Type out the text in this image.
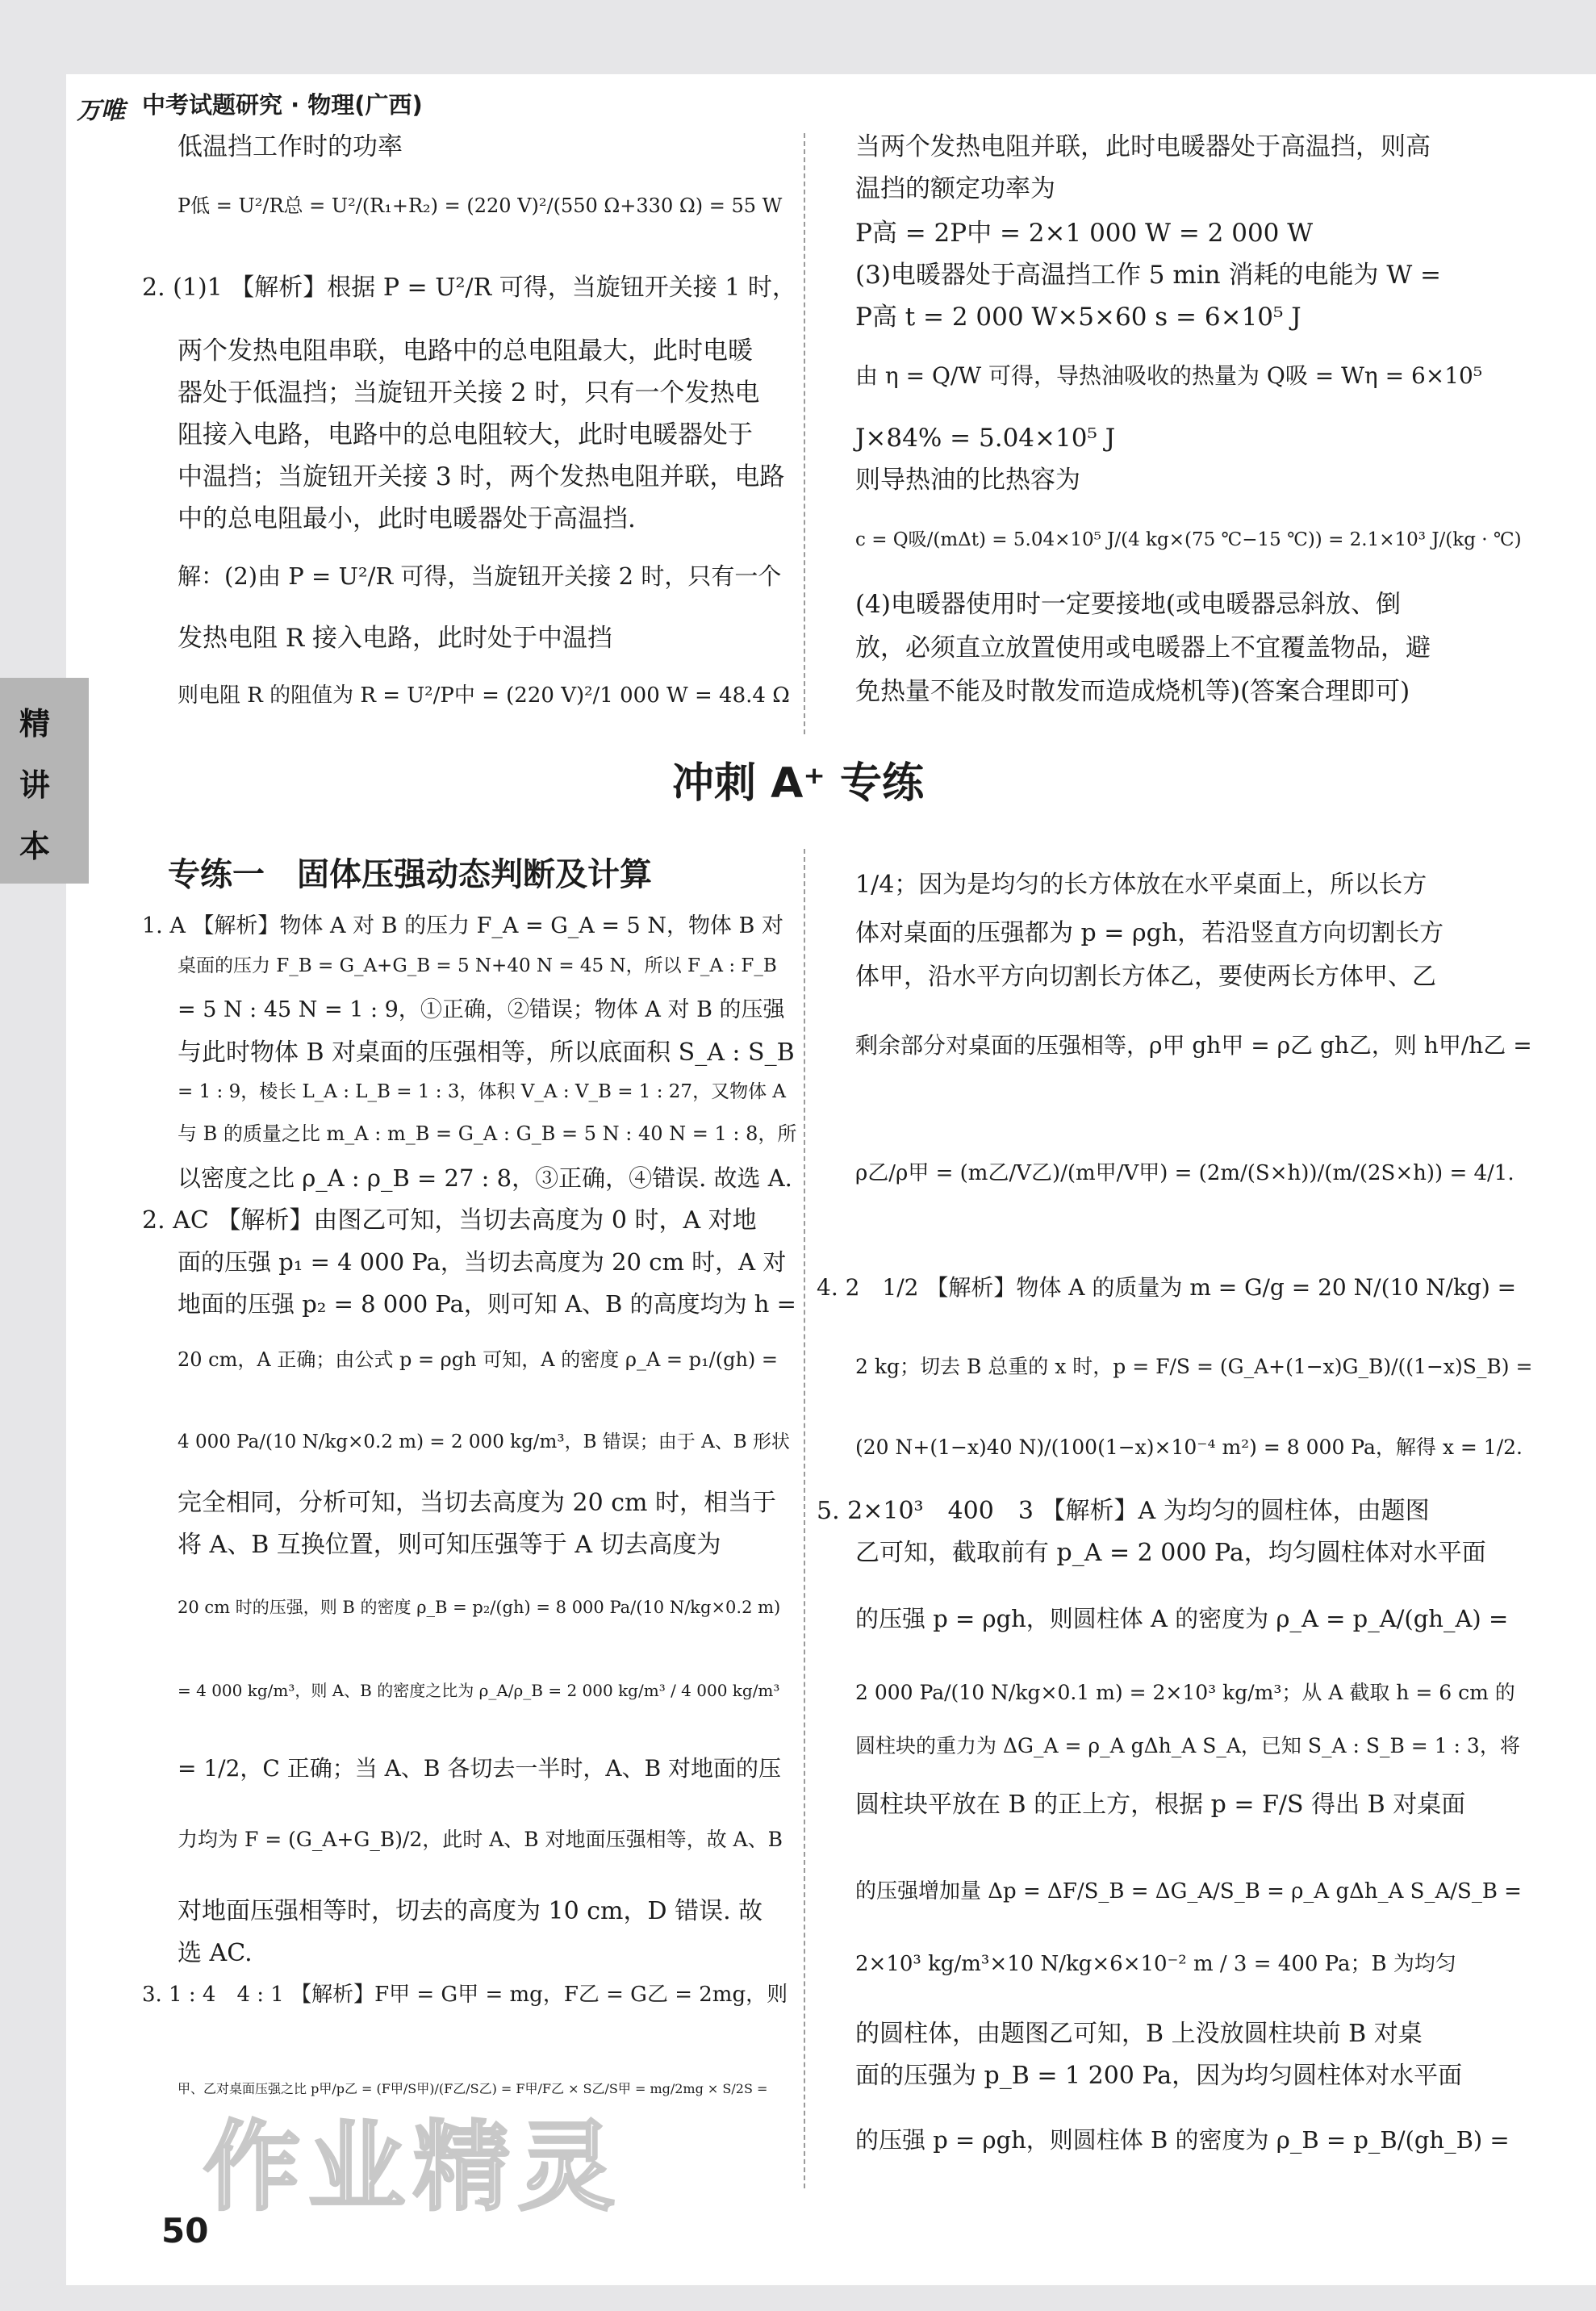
万唯 中考试题研究 · 物理(广西)
精
讲
本
低温挡工作时的功率
P低 = U²/R总 = U²/(R₁+R₂) = (220 V)²/(550 Ω+330 Ω) = 55 W
2. (1)1 【解析】根据 P = U²/R 可得，当旋钮开关接 1 时，
两个发热电阻串联，电路中的总电阻最大，此时电暖
器处于低温挡；当旋钮开关接 2 时，只有一个发热电
阻接入电路，电路中的总电阻较大，此时电暖器处于
中温挡；当旋钮开关接 3 时，两个发热电阻并联，电路
中的总电阻最小，此时电暖器处于高温挡.
解：(2)由 P = U²/R 可得，当旋钮开关接 2 时，只有一个
发热电阻 R 接入电路，此时处于中温挡
则电阻 R 的阻值为 R = U²/P中 = (220 V)²/1 000 W = 48.4 Ω
当两个发热电阻并联，此时电暖器处于高温挡，则高
温挡的额定功率为
P高 = 2P中 = 2×1 000 W = 2 000 W
(3)电暖器处于高温挡工作 5 min 消耗的电能为 W =
P高 t = 2 000 W×5×60 s = 6×10⁵ J
由 η = Q/W 可得，导热油吸收的热量为 Q吸 = Wη = 6×10⁵
J×84% = 5.04×10⁵ J
则导热油的比热容为
c = Q吸/(mΔt) = 5.04×10⁵ J/(4 kg×(75 ℃−15 ℃)) = 2.1×10³ J/(kg · ℃)
(4)电暖器使用时一定要接地(或电暖器忌斜放、倒
放，必须直立放置使用或电暖器上不宜覆盖物品，避
免热量不能及时散发而造成烧机等)(答案合理即可)
冲刺 A⁺ 专练
专练一　固体压强动态判断及计算
1. A 【解析】物体 A 对 B 的压力 F_A = G_A = 5 N，物体 B 对
桌面的压力 F_B = G_A+G_B = 5 N+40 N = 45 N，所以 F_A : F_B
= 5 N : 45 N = 1 : 9，①正确，②错误；物体 A 对 B 的压强
与此时物体 B 对桌面的压强相等，所以底面积 S_A : S_B
= 1 : 9，棱长 L_A : L_B = 1 : 3，体积 V_A : V_B = 1 : 27，又物体 A
与 B 的质量之比 m_A : m_B = G_A : G_B = 5 N : 40 N = 1 : 8，所
以密度之比 ρ_A : ρ_B = 27 : 8，③正确，④错误. 故选 A.
2. AC 【解析】由图乙可知，当切去高度为 0 时，A 对地
面的压强 p₁ = 4 000 Pa，当切去高度为 20 cm 时，A 对
地面的压强 p₂ = 8 000 Pa，则可知 A、B 的高度均为 h =
20 cm，A 正确；由公式 p = ρgh 可知，A 的密度 ρ_A = p₁/(gh) =
4 000 Pa/(10 N/kg×0.2 m) = 2 000 kg/m³，B 错误；由于 A、B 形状
完全相同，分析可知，当切去高度为 20 cm 时，相当于
将 A、B 互换位置，则可知压强等于 A 切去高度为
20 cm 时的压强，则 B 的密度 ρ_B = p₂/(gh) = 8 000 Pa/(10 N/kg×0.2 m)
= 4 000 kg/m³，则 A、B 的密度之比为 ρ_A/ρ_B = 2 000 kg/m³ / 4 000 kg/m³
= 1/2，C 正确；当 A、B 各切去一半时，A、B 对地面的压
力均为 F = (G_A+G_B)/2，此时 A、B 对地面压强相等，故 A、B
对地面压强相等时，切去的高度为 10 cm，D 错误. 故
选 AC.
3. 1 : 4　4 : 1 【解析】F甲 = G甲 = mg，F乙 = G乙 = 2mg，则
甲、乙对桌面压强之比 p甲/p乙 = (F甲/S甲)/(F乙/S乙) = F甲/F乙 × S乙/S甲 = mg/2mg × S/2S =
1/4；因为是均匀的长方体放在水平桌面上，所以长方
体对桌面的压强都为 p = ρgh，若沿竖直方向切割长方
体甲，沿水平方向切割长方体乙，要使两长方体甲、乙
剩余部分对桌面的压强相等，ρ甲 gh甲 = ρ乙 gh乙，则 h甲/h乙 =
ρ乙/ρ甲 = (m乙/V乙)/(m甲/V甲) = (2m/(S×h))/(m/(2S×h)) = 4/1.
4. 2　1/2 【解析】物体 A 的质量为 m = G/g = 20 N/(10 N/kg) =
2 kg；切去 B 总重的 x 时，p = F/S = (G_A+(1−x)G_B)/((1−x)S_B) =
(20 N+(1−x)40 N)/(100(1−x)×10⁻⁴ m²) = 8 000 Pa，解得 x = 1/2.
5. 2×10³　400　3 【解析】A 为均匀的圆柱体，由题图
乙可知，截取前有 p_A = 2 000 Pa，均匀圆柱体对水平面
的压强 p = ρgh，则圆柱体 A 的密度为 ρ_A = p_A/(gh_A) =
2 000 Pa/(10 N/kg×0.1 m) = 2×10³ kg/m³；从 A 截取 h = 6 cm 的
圆柱块的重力为 ΔG_A = ρ_A gΔh_A S_A，已知 S_A : S_B = 1 : 3，将
圆柱块平放在 B 的正上方，根据 p = F/S 得出 B 对桌面
的压强增加量 Δp = ΔF/S_B = ΔG_A/S_B = ρ_A gΔh_A S_A/S_B =
2×10³ kg/m³×10 N/kg×6×10⁻² m / 3 = 400 Pa；B 为均匀
的圆柱体，由题图乙可知，B 上没放圆柱块前 B 对桌
面的压强为 p_B = 1 200 Pa，因为均匀圆柱体对水平面
的压强 p = ρgh，则圆柱体 B 的密度为 ρ_B = p_B/(gh_B) =
作业精灵
50
